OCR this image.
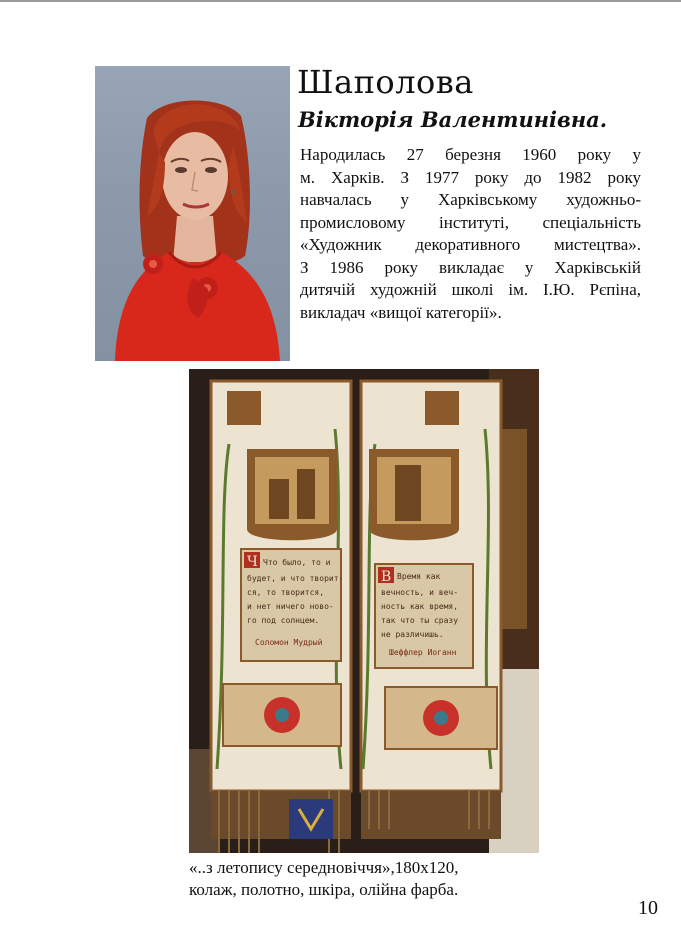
Шаполова
Вікторія Валентинівна.
Народилась 27 березня 1960 року у
м. Харків. З 1977 року до 1982 року
навчалась у Харківському художньо-
промисловому інституті, спеціальність
«Художник декоративного мистецтва».
З 1986 року викладає у Харківській
дитячій художній школі ім. І.Ю. Рєпіна,
викладач «вищої категорії».
Ч Что было, то и
будет, и что творит-
ся, то творится,
и нет ничего ново-
го под солнцем.
Соломон Мудрый
В Время как
вечность, и веч-
ность как время,
так что ты сразу
не различишь.
Шеффлер Иоганн
«..з летопису середновіччя»,180х120,
колаж, полотно, шкіра, олійна фарба.
10
